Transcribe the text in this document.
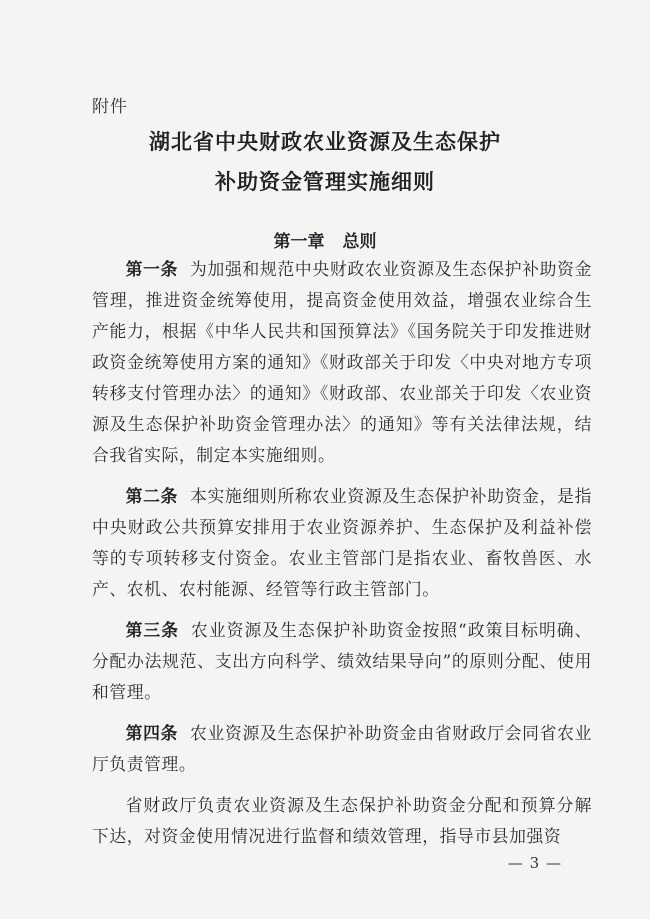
附件
湖北省中央财政农业资源及生态保护
补助资金管理实施细则
第一章 总则

第一条 为加强和规范中央财政农业资源及生态保护补助资金管理，推进资金统筹使用，提高资金使用效益，增强农业综合生产能力，根据《中华人民共和国预算法》《国务院关于印发推进财政资金统筹使用方案的通知》《财政部关于印发〈中央对地方专项转移支付管理办法〉的通知》《财政部、农业部关于印发〈农业资源及生态保护补助资金管理办法〉的通知》等有关法律法规，结合我省实际，制定本实施细则。

第二条 本实施细则所称农业资源及生态保护补助资金，是指中央财政公共预算安排用于农业资源养护、生态保护及利益补偿等的专项转移支付资金。农业主管部门是指农业、畜牧兽医、水产、农机、农村能源、经管等行政主管部门。

第三条 农业资源及生态保护补助资金按照“政策目标明确、分配办法规范、支出方向科学、绩效结果导向”的原则分配、使用和管理。

第四条 农业资源及生态保护补助资金由省财政厅会同省农业厅负责管理。

省财政厅负责农业资源及生态保护补助资金分配和预算分解下达，对资金使用情况进行监督和绩效管理，指导市县加强资

— 3 —
